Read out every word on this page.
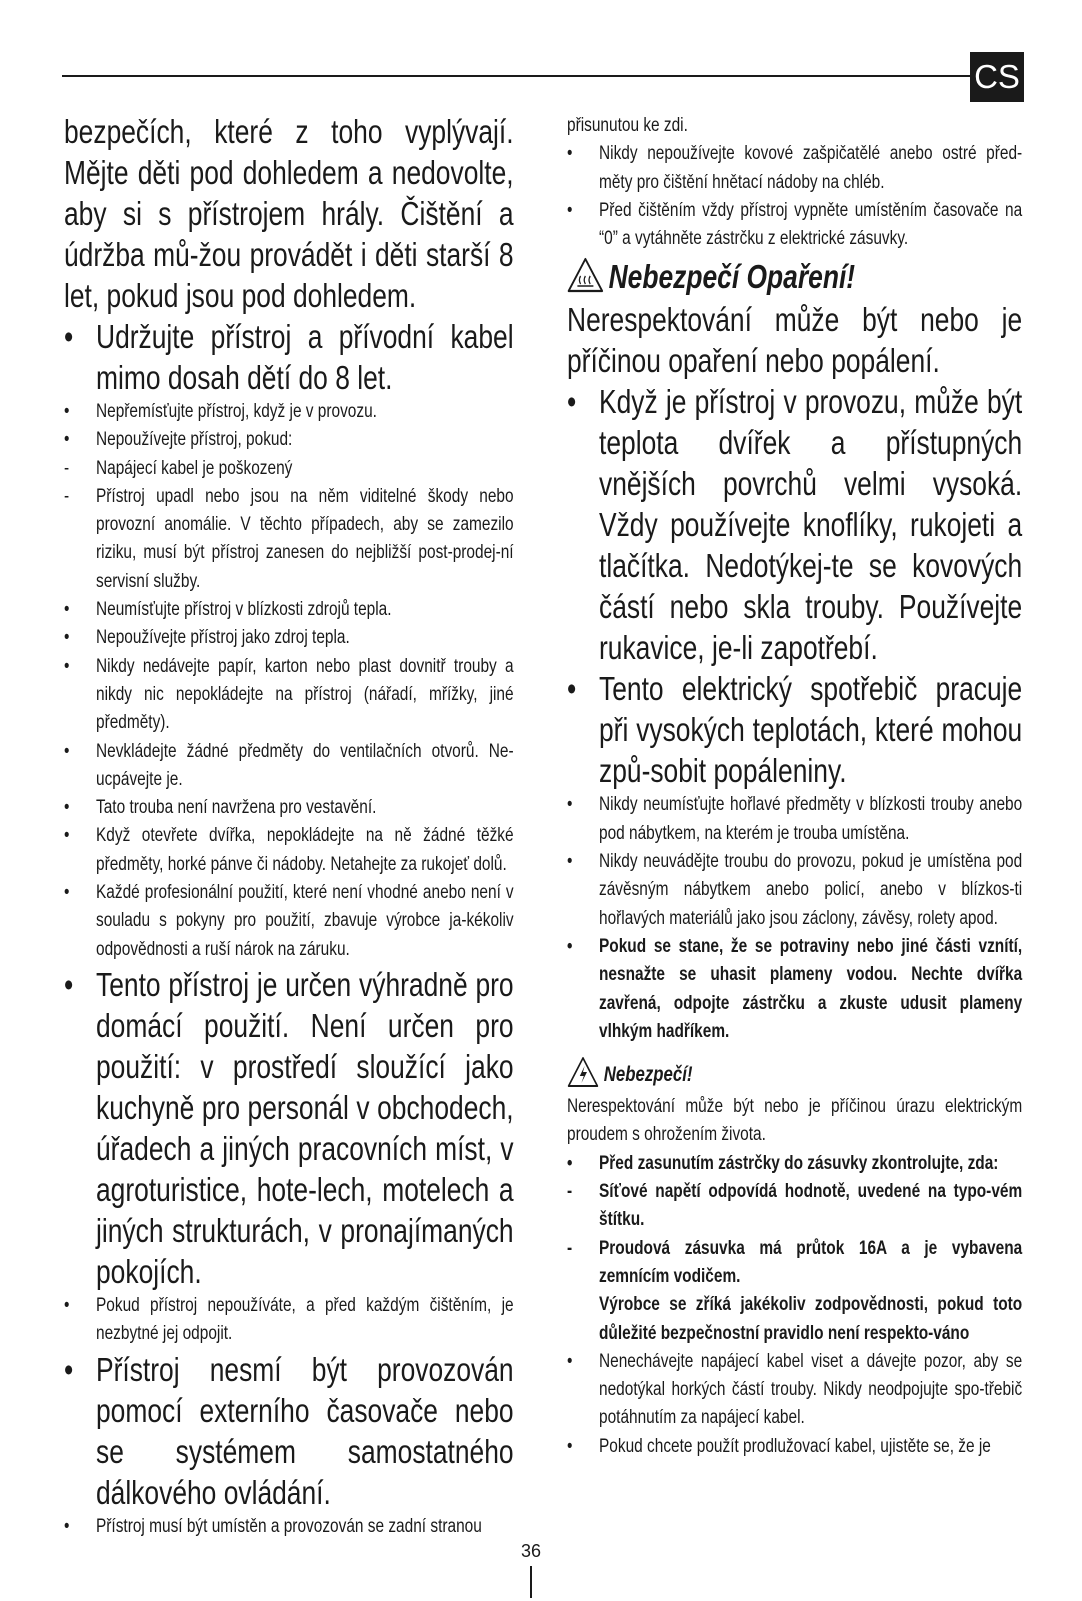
CS

bezpečích, které z toho vyplývají. Mějte děti pod dohledem a nedovolte, aby si s přístrojem hrály. Čištění a údržba mů-žou provádět i děti starší 8 let, pokud jsou pod dohledem.

• Udržujte přístroj a přívodní kabel mimo dosah dětí do 8 let.

• Nepřemísťujte přístroj, když je v provozu.

• Nepoužívejte přístroj, pokud:

- Napájecí kabel je poškozený

- Přístroj upadl nebo jsou na něm viditelné škody nebo provozní anomálie. V těchto případech, aby se zamezilo riziku, musí být přístroj zanesen do nejbližší post-prodej-ní servisní služby.

• Neumísťujte přístroj v blízkosti zdrojů tepla.

• Nepoužívejte přístroj jako zdroj tepla.

• Nikdy nedávejte papír, karton nebo plast dovnitř trouby a nikdy nic nepokládejte na přístroj (nářadí, mřížky, jiné předměty).

• Nevkládejte žádné předměty do ventilačních otvorů. Ne-ucpávejte je.

• Tato trouba není navržena pro vestavění.

• Když otevřete dvířka, nepokládejte na ně žádné těžké předměty, horké pánve či nádoby. Netahejte za rukojeť dolů.

• Každé profesionální použití, které není vhodné anebo není v souladu s pokyny pro použití, zbavuje výrobce ja-kékoliv odpovědnosti a ruší nárok na záruku.

• Tento přístroj je určen výhradně pro domácí použití. Není určen pro použití: v prostředí sloužící jako kuchyně pro personál v obchodech, úřadech a jiných pracovních míst, v agroturistice, hote-lech, motelech a jiných strukturách, v pronajímaných pokojích.

• Pokud přístroj nepoužíváte, a před každým čištěním, je nezbytné jej odpojit.

• Přístroj nesmí být provozován pomocí externího časovače nebo se systémem samostatného dálkového ovládání.

• Přístroj musí být umístěn a provozován se zadní stranou

přisunutou ke zdi.

• Nikdy nepoužívejte kovové zašpičatělé anebo ostré před-měty pro čištění hnětací nádoby na chléb.

• Před čištěním vždy přístroj vypněte umístěním časovače na “0” a vytáhněte zástrčku z elektrické zásuvky.

Nebezpečí Opaření!

Nerespektování může být nebo je příčinou opaření nebo popálení.

• Když je přístroj v provozu, může být teplota dvířek a přístupných vnějších povrchů velmi vysoká. Vždy používejte knoflíky, rukojeti a tlačítka. Nedotýkej-te se kovových částí nebo skla trouby. Používejte rukavice, je-li zapotřebí.

• Tento elektrický spotřebič pracuje při vysokých teplotách, které mohou způ-sobit popáleniny.

• Nikdy neumísťujte hořlavé předměty v blízkosti trouby anebo pod nábytkem, na kterém je trouba umístěna.

• Nikdy neuvádějte troubu do provozu, pokud je umístěna pod závěsným nábytkem anebo policí, anebo v blízkos-ti hořlavých materiálů jako jsou záclony, závěsy, rolety apod.

• Pokud se stane, že se potraviny nebo jiné části vznítí, nesnažte se uhasit plameny vodou. Nechte dvířka zavřená, odpojte zástrčku a zkuste udusit plameny vlhkým hadříkem.

Nebezpečí!

Nerespektování může být nebo je příčinou úrazu elektrickým proudem s ohrožením života.

• Před zasunutím zástrčky do zásuvky zkontrolujte, zda:

- Síťové napětí odpovídá hodnotě, uvedené na typo-vém štítku.

- Proudová zásuvka má průtok 16A a je vybavena zemnícím vodičem.

Výrobce se zříká jakékoliv zodpovědnosti, pokud toto důležité bezpečnostní pravidlo není respekto-váno

• Nenechávejte napájecí kabel viset a dávejte pozor, aby se nedotýkal horkých částí trouby. Nikdy neodpojujte spo-třebič potáhnutím za napájecí kabel.

• Pokud chcete použít prodlužovací kabel, ujistěte se, že je

36
